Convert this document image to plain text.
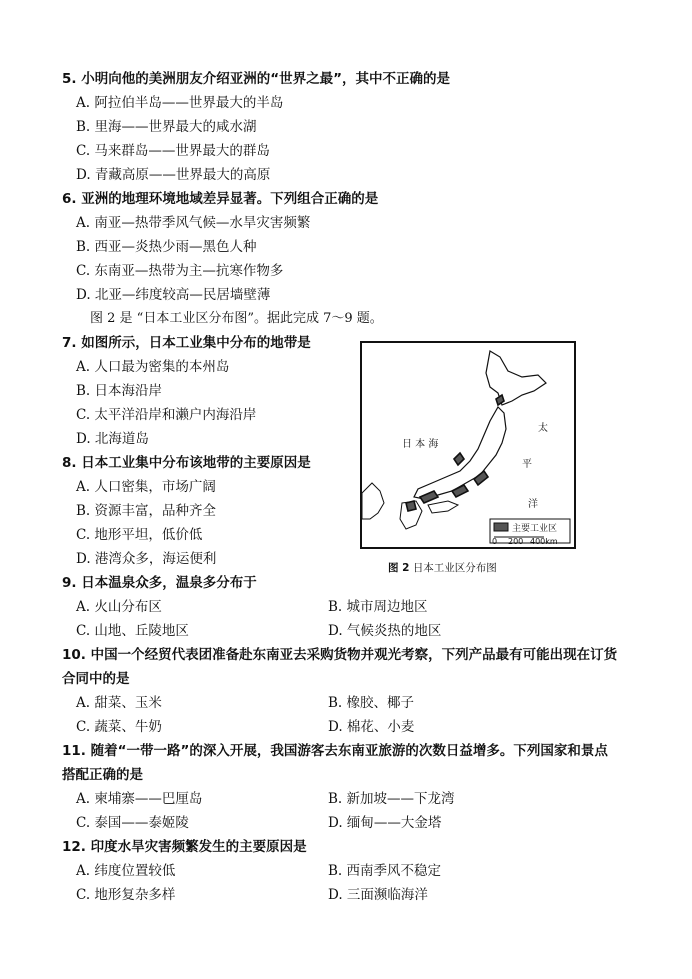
5. 小明向他的美洲朋友介绍亚洲的“世界之最”，其中不正确的是
A. 阿拉伯半岛——世界最大的半岛
B. 里海——世界最大的咸水湖
C. 马来群岛——世界最大的群岛
D. 青藏高原——世界最大的高原
6. 亚洲的地理环境地域差异显著。下列组合正确的是
A. 南亚—热带季风气候—水旱灾害频繁
B. 西亚—炎热少雨—黑色人种
C. 东南亚—热带为主—抗寒作物多
D. 北亚—纬度较高—民居墙壁薄
图 2 是 “日本工业区分布图”。据此完成 7～9 题。
7. 如图所示，日本工业集中分布的地带是
A. 人口最为密集的本州岛
B. 日本海沿岸
C. 太平洋沿岸和濑户内海沿岸
D. 北海道岛
8. 日本工业集中分布该地带的主要原因是
A. 人口密集，市场广阔
B. 资源丰富，品种齐全
C. 地形平坦，低价低
D. 港湾众多，海运便利
日 本 海
太
平
洋
主要工业区
0 200 400km
图 2 日本工业区分布图
9. 日本温泉众多，温泉多分布于
A. 火山分布区	B. 城市周边地区
C. 山地、丘陵地区	D. 气候炎热的地区
10. 中国一个经贸代表团准备赴东南亚去采购货物并观光考察，下列产品最有可能出现在订货
合同中的是
A. 甜菜、玉米	B. 橡胶、椰子
C. 蔬菜、牛奶	D. 棉花、小麦
11. 随着“一带一路”的深入开展，我国游客去东南亚旅游的次数日益增多。下列国家和景点
搭配正确的是
A. 柬埔寨——巴厘岛	B. 新加坡——下龙湾
C. 泰国——泰姬陵	D. 缅甸——大金塔
12. 印度水旱灾害频繁发生的主要原因是
A. 纬度位置较低	B. 西南季风不稳定
C. 地形复杂多样	D. 三面濒临海洋
